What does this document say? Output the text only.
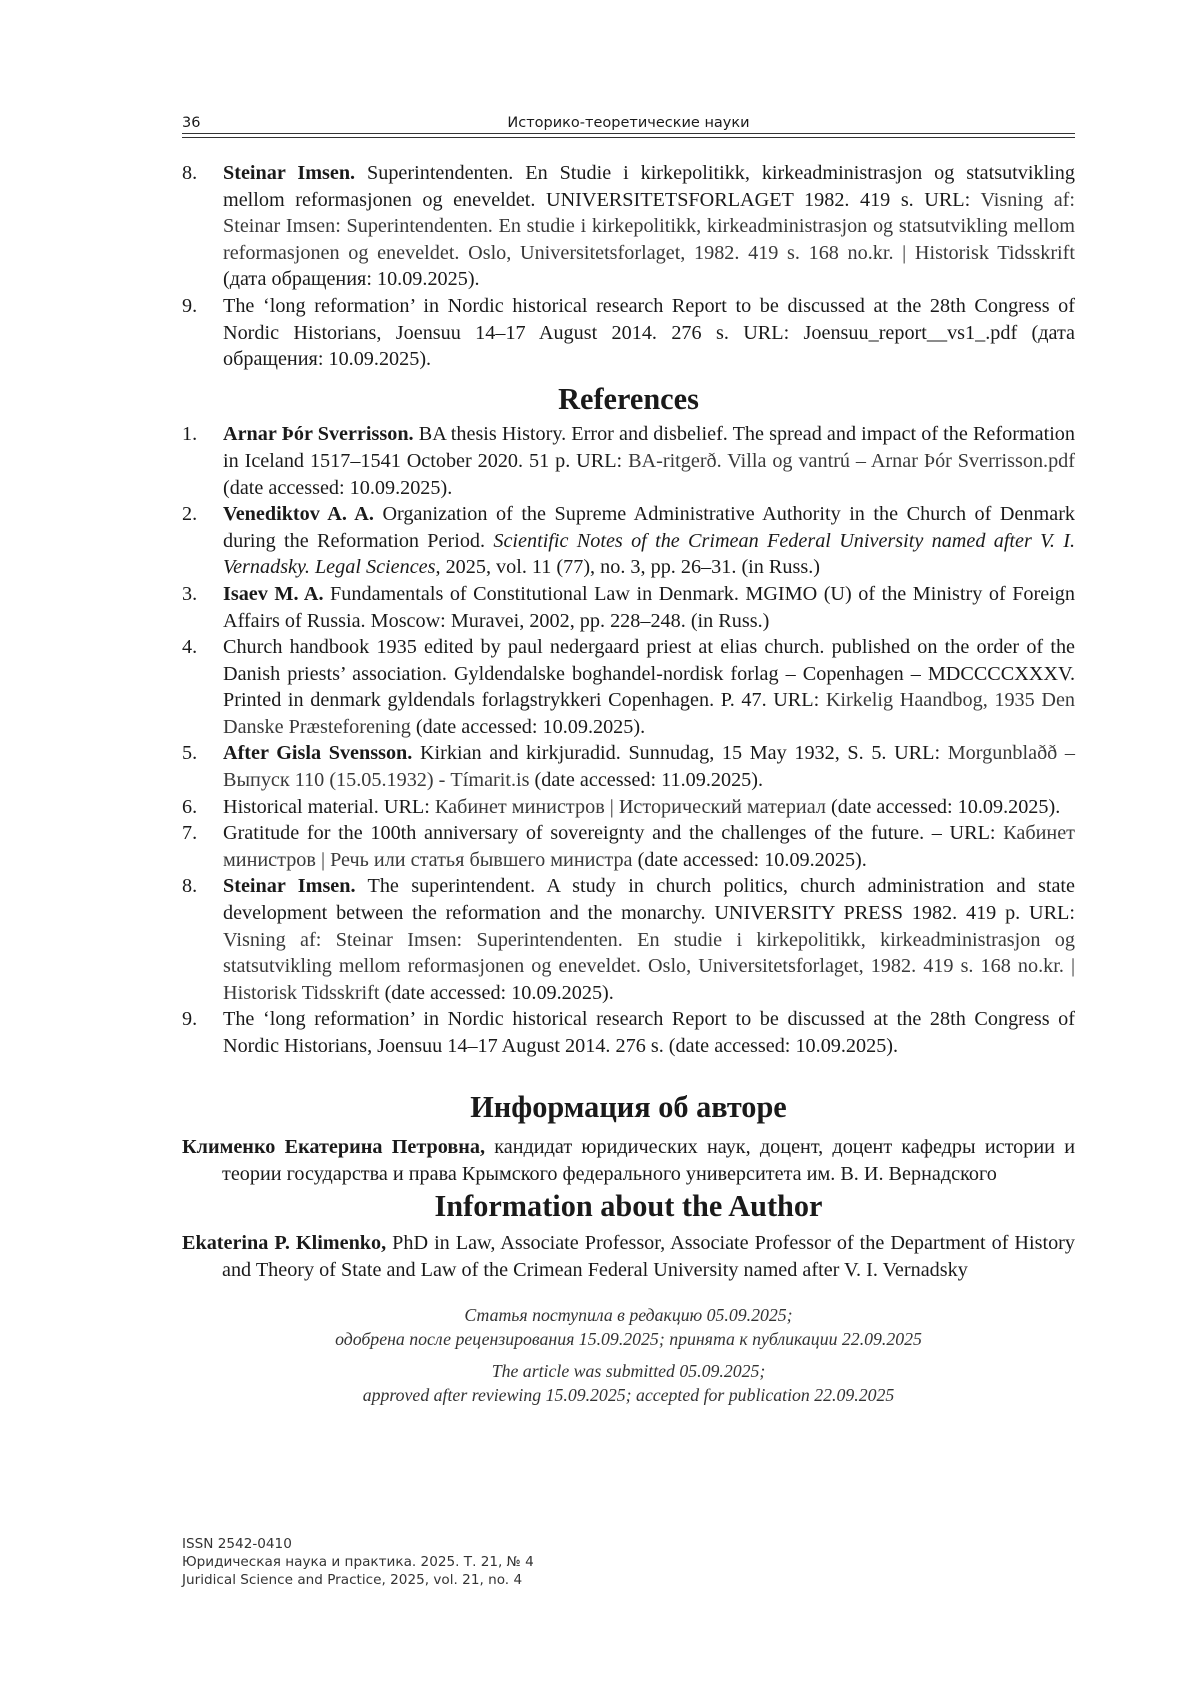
36	Историко-теоретические науки
8. Steinar Imsen. Superintendenten. En Studie i kirkepolitikk, kirkeadministrasjon og statsutvikling mellom reformasjonen og eneveldet. UNIVERSITETSFORLAGET 1982. 419 s. URL: Visning af: Steinar Imsen: Superintendenten. En studie i kirkepolitikk, kirkeadministrasjon og statsutvikling mellom reformasjonen og eneveldet. Oslo, Universitetsforlaget, 1982. 419 s. 168 no.kr. | Historisk Tidsskrift (дата обращения: 10.09.2025).
9. The ‘long reformation’ in Nordic historical research Report to be discussed at the 28th Congress of Nordic Historians, Joensuu 14–17 August 2014. 276 s. URL: Joensuu_report__vs1_.pdf (дата обращения: 10.09.2025).
References
1. Arnar Þór Sverrisson. BA thesis History. Error and disbelief. The spread and impact of the Reformation in Iceland 1517–1541 October 2020. 51 p. URL: BA-ritgerð. Villa og vantrú – Arnar Þór Sverrisson.pdf (date accessed: 10.09.2025).
2. Venediktov A. A. Organization of the Supreme Administrative Authority in the Church of Denmark during the Reformation Period. Scientific Notes of the Crimean Federal University named after V. I. Vernadsky. Legal Sciences, 2025, vol. 11 (77), no. 3, pp. 26–31. (in Russ.)
3. Isaev M. A. Fundamentals of Constitutional Law in Denmark. MGIMO (U) of the Ministry of Foreign Affairs of Russia. Moscow: Muravei, 2002, pp. 228–248. (in Russ.)
4. Church handbook 1935 edited by paul nedergaard priest at elias church. published on the order of the Danish priests’ association. Gyldendalske boghandel-nordisk forlag – Copenhagen – MDCCCCXXXV. Printed in denmark gyldendals forlagstrykkeri Copenhagen. P. 47. URL: Kirkelig Haandbog, 1935 Den Danske Præsteforening (date accessed: 10.09.2025).
5. After Gisla Svensson. Kirkian and kirkjuradid. Sunnudag, 15 May 1932, S. 5. URL: Morgunblaðð – Выпуск 110 (15.05.1932) - Tímarit.is (date accessed: 11.09.2025).
6. Historical material. URL: Кабинет министров | Исторический материал (date accessed: 10.09.2025).
7. Gratitude for the 100th anniversary of sovereignty and the challenges of the future. – URL: Кабинет министров | Речь или статья бывшего министра (date accessed: 10.09.2025).
8. Steinar Imsen. The superintendent. A study in church politics, church administration and state development between the reformation and the monarchy. UNIVERSITY PRESS 1982. 419 p. URL: Visning af: Steinar Imsen: Superintendenten. En studie i kirkepolitikk, kirkeadministrasjon og statsutvikling mellom reformasjonen og eneveldet. Oslo, Universitetsforlaget, 1982. 419 s. 168 no.kr. | Historisk Tidsskrift (date accessed: 10.09.2025).
9. The ‘long reformation’ in Nordic historical research Report to be discussed at the 28th Congress of Nordic Historians, Joensuu 14–17 August 2014. 276 s. (date accessed: 10.09.2025).
Информация об авторе

Клименко Екатерина Петровна, кандидат юридических наук, доцент, доцент кафедры истории и теории государства и права Крымского федерального университета им. В. И. Вернадского

Information about the Author

Ekaterina P. Klimenko, PhD in Law, Associate Professor, Associate Professor of the Department of History and Theory of State and Law of the Crimean Federal University named after V. I. Vernadsky

Статья поступила в редакцию 05.09.2025;
одобрена после рецензирования 15.09.2025; принята к публикации 22.09.2025
The article was submitted 05.09.2025;
approved after reviewing 15.09.2025; accepted for publication 22.09.2025
ISSN 2542-0410
Юридическая наука и практика. 2025. Т. 21, № 4
Juridical Science and Practice, 2025, vol. 21, no. 4
